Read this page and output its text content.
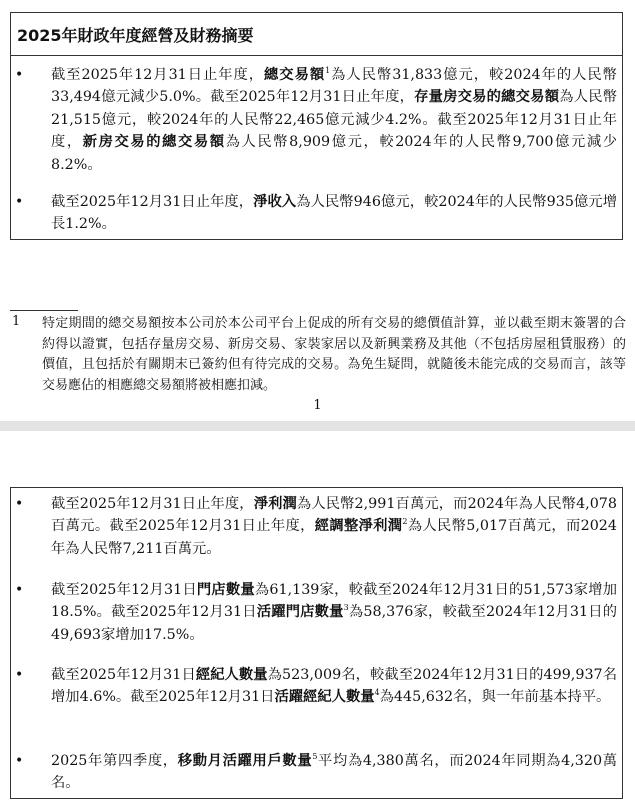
2025年財政年度經營及財務摘要
• 截至2025年12月31日止年度，總交易額$^1$為人民幣31,833億元，較2024年的人民幣33,494億元減少5.0%。截至2025年12月31日止年度，存量房交易的總交易額為人民幣21,515億元，較2024年的人民幣22,465億元減少4.2%。截至2025年12月31日止年度，新房交易的總交易額為人民幣8,909億元，較2024年的人民幣9,700億元減少8.2%。
• 截至2025年12月31日止年度，淨收入為人民幣946億元，較2024年的人民幣935億元增長1.2%。
1 特定期間的總交易額按本公司於本公司平台上促成的所有交易的總價值計算，並以截至期末簽署的合約得以證實，包括存量房交易、新房交易、家裝家居以及新興業務及其他（不包括房屋租賃服務）的價值，且包括於有關期末已簽約但有待完成的交易。為免生疑問，就隨後未能完成的交易而言，該等交易應佔的相應總交易額將被相應扣減。
1
• 截至2025年12月31日止年度，淨利潤為人民幣2,991百萬元，而2024年為人民幣4,078百萬元。截至2025年12月31日止年度，經調整淨利潤$^2$為人民幣5,017百萬元，而2024年為人民幣7,211百萬元。
• 截至2025年12月31日門店數量為61,139家，較截至2024年12月31日的51,573家增加18.5%。截至2025年12月31日活躍門店數量$^3$為58,376家，較截至2024年12月31日的49,693家增加17.5%。
• 截至2025年12月31日經紀人數量為523,009名，較截至2024年12月31日的499,937名增加4.6%。截至2025年12月31日活躍經紀人數量$^4$為445,632名，與一年前基本持平。
• 2025年第四季度，移動月活躍用戶數量$^5$平均為4,380萬名，而2024年同期為4,320萬名。
